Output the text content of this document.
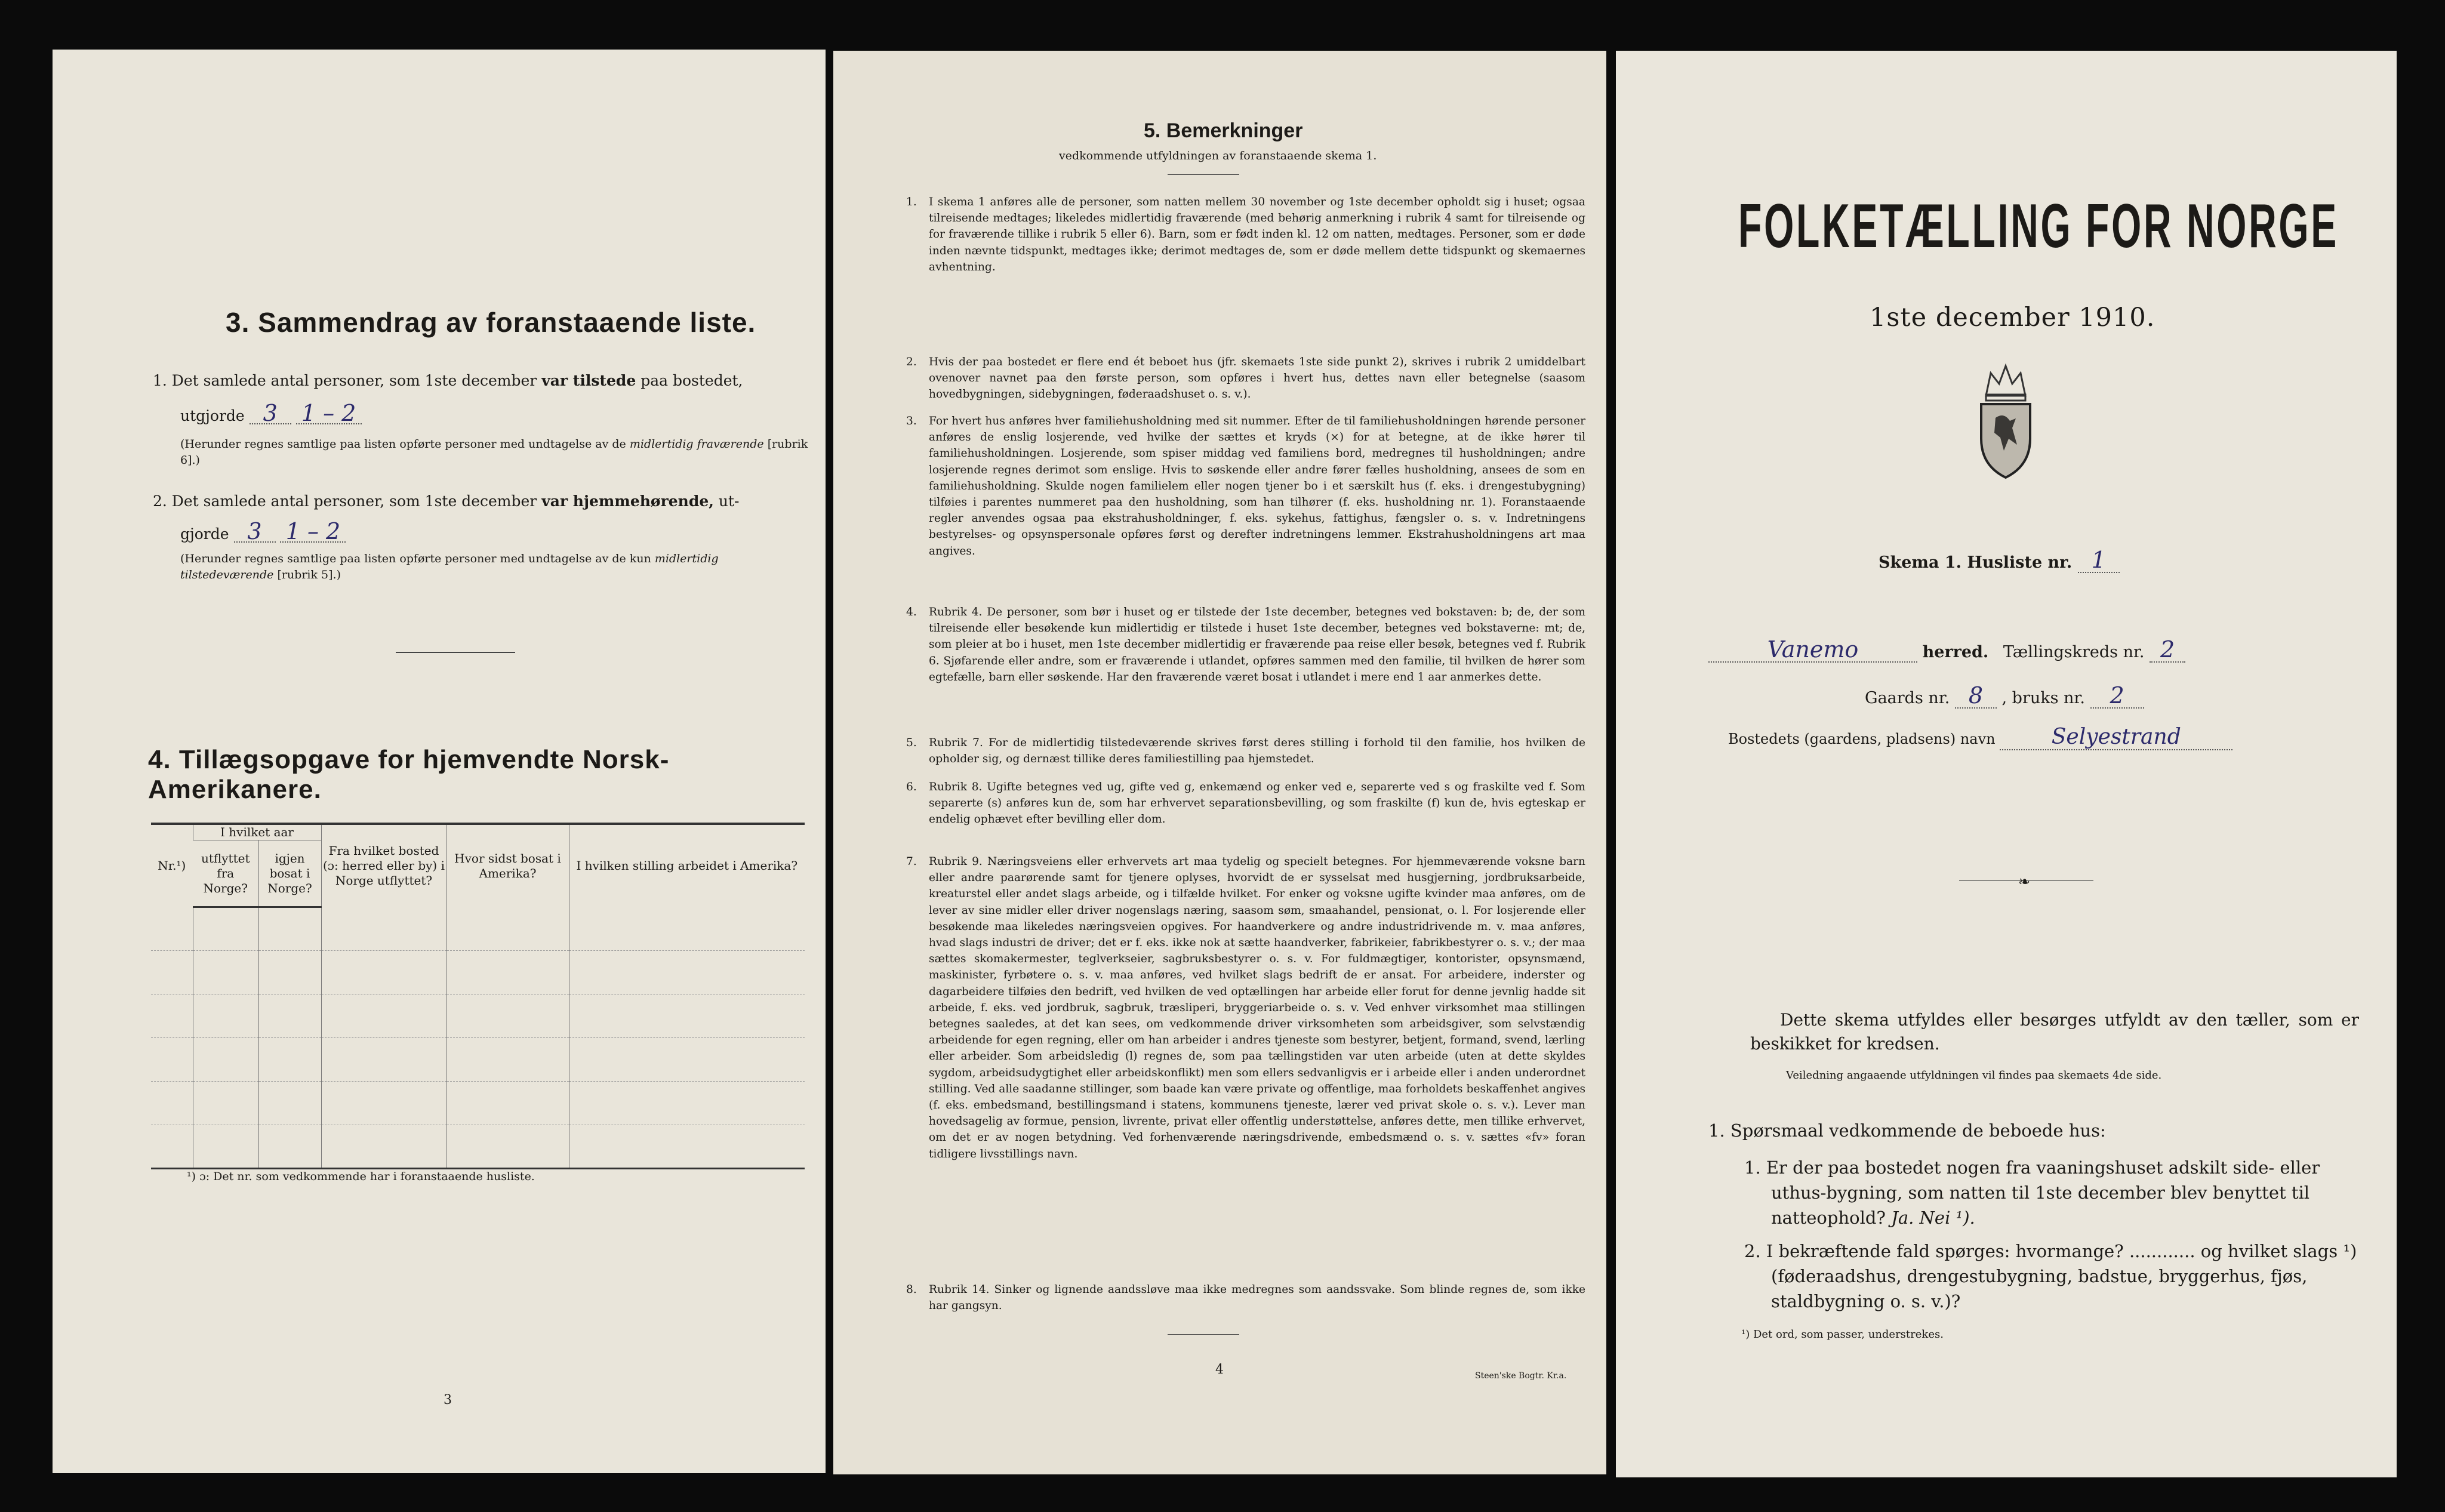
3. Sammendrag av foranstaaende liste.
1. Det samlede antal personer, som 1ste december var tilstede paa bostedet,
utgjorde 3 1 – 2
(Herunder regnes samtlige paa listen opførte personer med undtagelse av de midlertidig fraværende [rubrik 6].)
2. Det samlede antal personer, som 1ste december var hjemmehørende, ut-
gjorde 3 1 – 2
(Herunder regnes samtlige paa listen opførte personer med undtagelse av de kun midlertidig tilstedeværende [rubrik 5].)
4. Tillægsopgave for hjemvendte Norsk-Amerikanere.
Nr.¹)	I hvilket aar		Fra hvilket bosted (ɔ: herred eller by) i Norge utflyttet?	Hvor sidst bosat i Amerika?	I hvilken stilling arbeidet i Amerika?
	utflyttet fra Norge?	igjen bosat i Norge?			

¹) ɔ: Det nr. som vedkommende har i foranstaaende husliste.
3
5. Bemerkninger
vedkommende utfyldningen av foranstaaende skema 1.
1. I skema 1 anføres alle de personer, som natten mellem 30 november og 1ste december opholdt sig i huset; ogsaa tilreisende medtages; likeledes midlertidig fraværende (med behørig anmerkning i rubrik 4 samt for tilreisende og for fraværende tillike i rubrik 5 eller 6). Barn, som er født inden kl. 12 om natten, medtages. Personer, som er døde inden nævnte tidspunkt, medtages ikke; derimot medtages de, som er døde mellem dette tidspunkt og skemaernes avhentning.
2. Hvis der paa bostedet er flere end ét beboet hus (jfr. skemaets 1ste side punkt 2), skrives i rubrik 2 umiddelbart ovenover navnet paa den første person, som opføres i hvert hus, dettes navn eller betegnelse (saasom hovedbygningen, sidebygningen, føderaadshuset o. s. v.).
3. For hvert hus anføres hver familiehusholdning med sit nummer. Efter de til familiehusholdningen hørende personer anføres de enslig losjerende, ved hvilke der sættes et kryds (×) for at betegne, at de ikke hører til familiehusholdningen. Losjerende, som spiser middag ved familiens bord, medregnes til husholdningen; andre losjerende regnes derimot som enslige. Hvis to søskende eller andre fører fælles husholdning, ansees de som en familiehusholdning. Skulde nogen familielem eller nogen tjener bo i et særskilt hus (f. eks. i drengestubygning) tilføies i parentes nummeret paa den husholdning, som han tilhører (f. eks. husholdning nr. 1). Foranstaaende regler anvendes ogsaa paa ekstrahusholdninger, f. eks. sykehus, fattighus, fængsler o. s. v. Indretningens bestyrelses- og opsynspersonale opføres først og derefter indretningens lemmer. Ekstrahusholdningens art maa angives.
4. Rubrik 4. De personer, som bør i huset og er tilstede der 1ste december, betegnes ved bokstaven: b; de, der som tilreisende eller besøkende kun midlertidig er tilstede i huset 1ste december, betegnes ved bokstaverne: mt; de, som pleier at bo i huset, men 1ste december midlertidig er fraværende paa reise eller besøk, betegnes ved f. Rubrik 6. Sjøfarende eller andre, som er fraværende i utlandet, opføres sammen med den familie, til hvilken de hører som egtefælle, barn eller søskende. Har den fraværende været bosat i utlandet i mere end 1 aar anmerkes dette.
5. Rubrik 7. For de midlertidig tilstedeværende skrives først deres stilling i forhold til den familie, hos hvilken de opholder sig, og dernæst tillike deres familiestilling paa hjemstedet.
6. Rubrik 8. Ugifte betegnes ved ug, gifte ved g, enkemænd og enker ved e, separerte ved s og fraskilte ved f. Som separerte (s) anføres kun de, som har erhvervet separationsbevilling, og som fraskilte (f) kun de, hvis egteskap er endelig ophævet efter bevilling eller dom.
7. Rubrik 9. Næringsveiens eller erhvervets art maa tydelig og specielt betegnes. For hjemmeværende voksne barn eller andre paarørende samt for tjenere oplyses, hvorvidt de er sysselsat med husgjerning, jordbruksarbeide, kreaturstel eller andet slags arbeide, og i tilfælde hvilket. For enker og voksne ugifte kvinder maa anføres, om de lever av sine midler eller driver nogenslags næring, saasom søm, smaahandel, pensionat, o. l. For losjerende eller besøkende maa likeledes næringsveien opgives. For haandverkere og andre industridrivende m. v. maa anføres, hvad slags industri de driver; det er f. eks. ikke nok at sætte haandverker, fabrikeier, fabrikbestyrer o. s. v.; der maa sættes skomakermester, teglverkseier, sagbruksbestyrer o. s. v. For fuldmægtiger, kontorister, opsynsmænd, maskinister, fyrbøtere o. s. v. maa anføres, ved hvilket slags bedrift de er ansat. For arbeidere, inderster og dagarbeidere tilføies den bedrift, ved hvilken de ved optællingen har arbeide eller forut for denne jevnlig hadde sit arbeide, f. eks. ved jordbruk, sagbruk, træsliperi, bryggeriarbeide o. s. v. Ved enhver virksomhet maa stillingen betegnes saaledes, at det kan sees, om vedkommende driver virksomheten som arbeidsgiver, som selvstændig arbeidende for egen regning, eller om han arbeider i andres tjeneste som bestyrer, betjent, formand, svend, lærling eller arbeider. Som arbeidsledig (l) regnes de, som paa tællingstiden var uten arbeide (uten at dette skyldes sygdom, arbeidsudygtighet eller arbeidskonflikt) men som ellers sedvanligvis er i arbeide eller i anden underordnet stilling. Ved alle saadanne stillinger, som baade kan være private og offentlige, maa forholdets beskaffenhet angives (f. eks. embedsmand, bestillingsmand i statens, kommunens tjeneste, lærer ved privat skole o. s. v.). Lever man hovedsagelig av formue, pension, livrente, privat eller offentlig understøttelse, anføres dette, men tillike erhvervet, om det er av nogen betydning. Ved forhenværende næringsdrivende, embedsmænd o. s. v. sættes «fv» foran tidligere livsstillings navn.
8. Rubrik 14. Sinker og lignende aandssløve maa ikke medregnes som aandssvake. Som blinde regnes de, som ikke har gangsyn.
4	Steen'ske Bogtr. Kr.a.
FOLKETÆLLING FOR NORGE
1ste december 1910.
Skema 1. Husliste nr. 1
Vanemo	herred. Tællingskreds nr. 2
Gaards nr. 8 , bruks nr. 2
Bostedets (gaardens, pladsens) navn	Selyestrand
❧
Dette skema utfyldes eller besørges utfyldt av den tæller, som er beskikket for kredsen.
Veiledning angaaende utfyldningen vil findes paa skemaets 4de side.
1. Spørsmaal vedkommende de beboede hus:
1. Er der paa bostedet nogen fra vaaningshuset adskilt side- eller uthus-bygning, som natten til 1ste december blev benyttet til natteophold? Ja. Nei ¹).
2. I bekræftende fald spørges: hvormange? ............ og hvilket slags ¹) (føderaadshus, drengestubygning, badstue, bryggerhus, fjøs, staldbygning o. s. v.)?
¹) Det ord, som passer, understrekes.
